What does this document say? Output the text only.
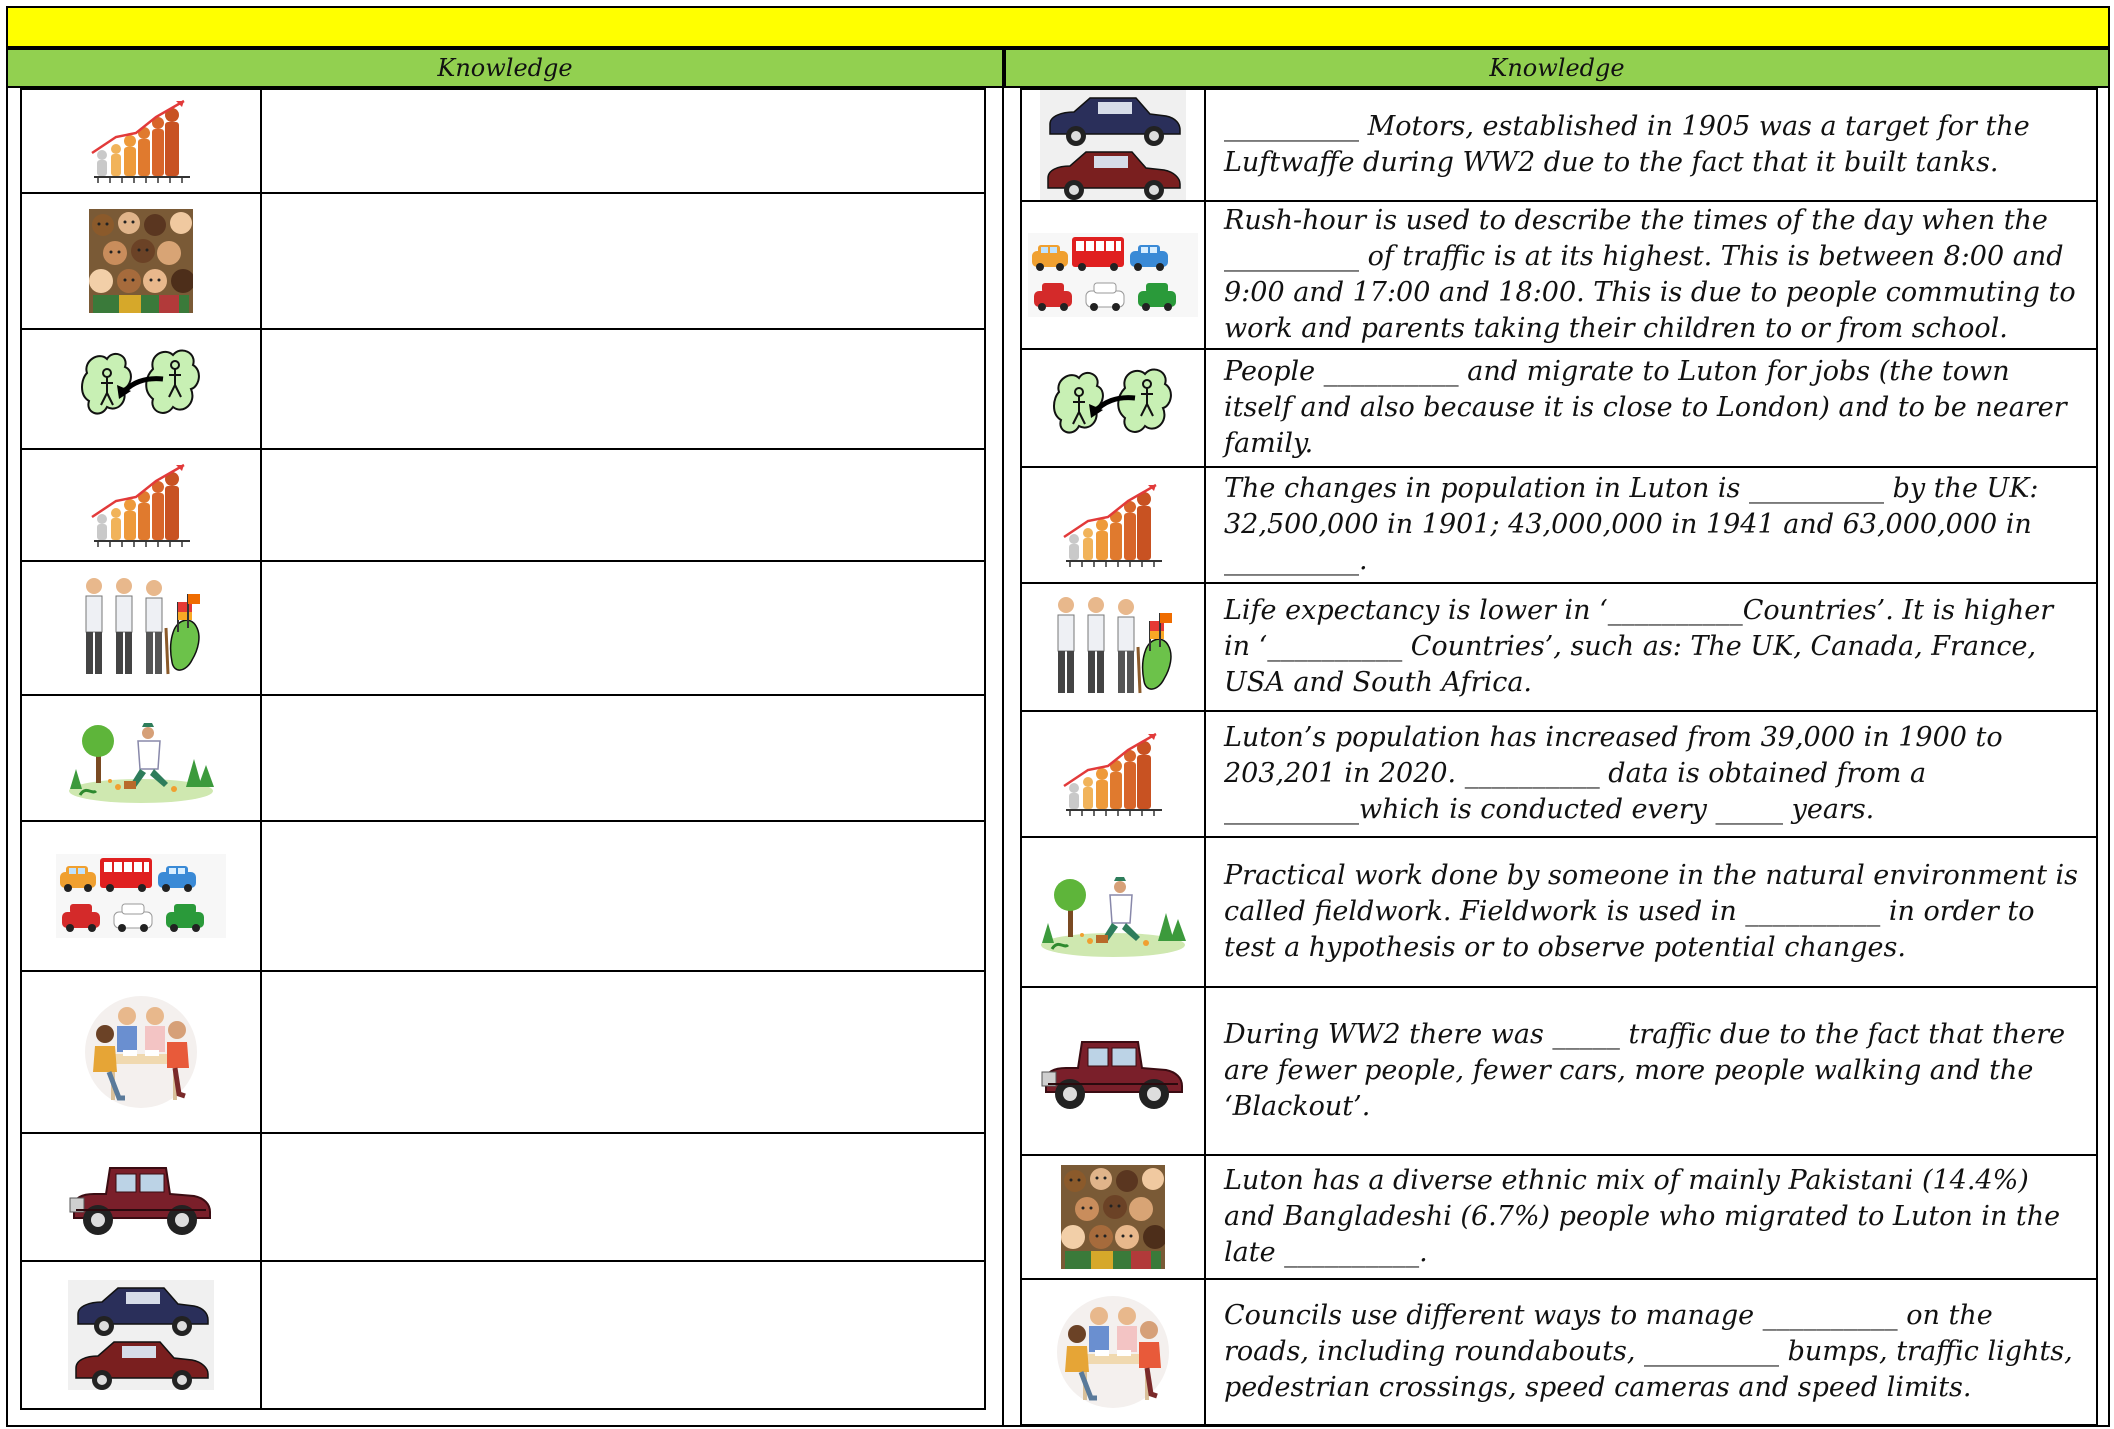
Knowledge	Knowledge
__________ Motors, established in 1905 was a target for the Luftwaffe during WW2 due to the fact that it built tanks.
Rush-hour is used to describe the times of the day when the __________ of traffic is at its highest. This is between 8:00 and 9:00 and 17:00 and 18:00. This is due to people commuting to work and parents taking their children to or from school.
People __________ and migrate to Luton for jobs (the town itself and also because it is close to London) and to be nearer family.
The changes in population in Luton is __________ by the UK: 32,500,000 in 1901; 43,000,000 in 1941 and 63,000,000 in __________.
Life expectancy is lower in ‘__________Countries’. It is higher in ‘__________ Countries’, such as: The UK, Canada, France, USA and South Africa.
Luton’s population has increased from 39,000 in 1900 to 203,201 in 2020. __________ data is obtained from a __________which is conducted every _____ years.
Practical work done by someone in the natural environment is called fieldwork. Fieldwork is used in __________ in order to test a hypothesis or to observe potential changes.
During WW2 there was _____ traffic due to the fact that there are fewer people, fewer cars, more people walking and the ‘Blackout’.
Luton has a diverse ethnic mix of mainly Pakistani (14.4%) and Bangladeshi (6.7%) people who migrated to Luton in the late __________.
Councils use different ways to manage __________ on the roads, including roundabouts, __________ bumps, traffic lights, pedestrian crossings, speed cameras and speed limits.
